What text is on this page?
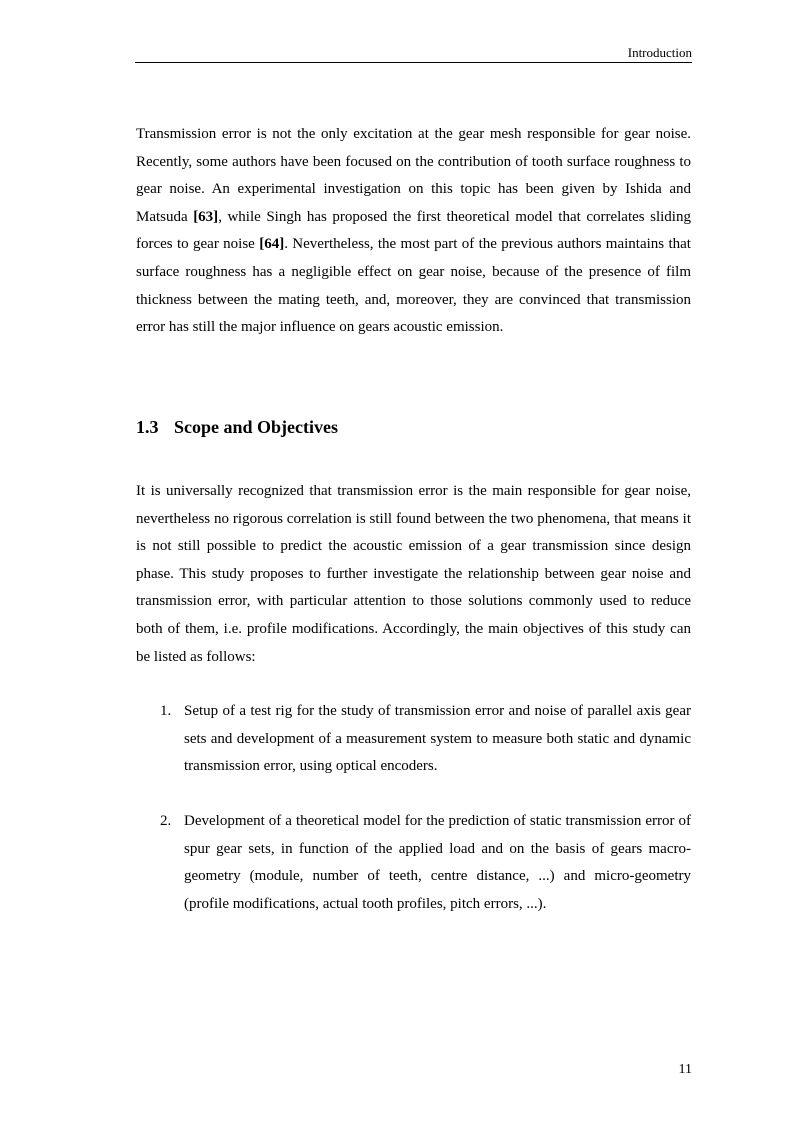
Introduction

Transmission error is not the only excitation at the gear mesh responsible for gear noise. Recently, some authors have been focused on the contribution of tooth surface roughness to gear noise. An experimental investigation on this topic has been given by Ishida and Matsuda [63], while Singh has proposed the first theoretical model that correlates sliding forces to gear noise [64]. Nevertheless, the most part of the previous authors maintains that surface roughness has a negligible effect on gear noise, because of the presence of film thickness between the mating teeth, and, moreover, they are convinced that transmission error has still the major influence on gears acoustic emission.

1.3 Scope and Objectives

It is universally recognized that transmission error is the main responsible for gear noise, nevertheless no rigorous correlation is still found between the two phenomena, that means it is not still possible to predict the acoustic emission of a gear transmission since design phase. This study proposes to further investigate the relationship between gear noise and transmission error, with particular attention to those solutions commonly used to reduce both of them, i.e. profile modifications. Accordingly, the main objectives of this study can be listed as follows:

1. Setup of a test rig for the study of transmission error and noise of parallel axis gear sets and development of a measurement system to measure both static and dynamic transmission error, using optical encoders.
2. Development of a theoretical model for the prediction of static transmission error of spur gear sets, in function of the applied load and on the basis of gears macro-geometry (module, number of teeth, centre distance, ...) and micro-geometry (profile modifications, actual tooth profiles, pitch errors, ...).
11
